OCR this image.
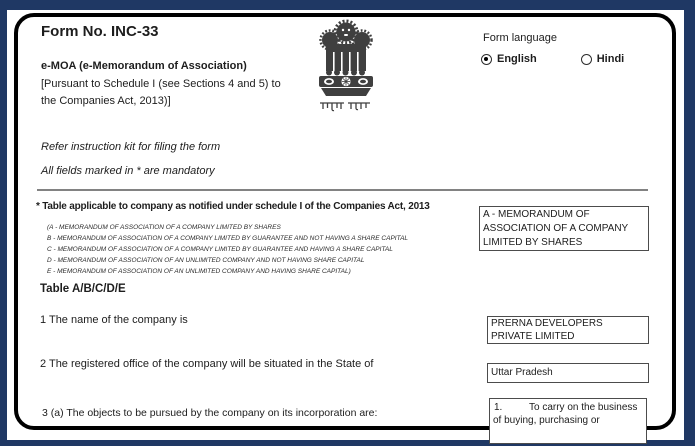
Form No. INC-33	Form language
English	Hindi
e-MOA (e-Memorandum of Association)
[Pursuant to Schedule I (see Sections 4 and 5) to
the Companies Act, 2013)]
Refer instruction kit for filing the form
All fields marked in * are mandatory
* Table applicable to company as notified under schedule I of the Companies Act, 2013
(A - MEMORANDUM OF ASSOCIATION OF A COMPANY LIMITED BY SHARES
B - MEMORANDUM OF ASSOCIATION OF A COMPANY LIMITED BY GUARANTEE AND NOT HAVING A SHARE CAPITAL
C - MEMORANDUM OF ASSOCIATION OF A COMPANY LIMITED BY GUARANTEE AND HAVING A SHARE CAPITAL
D - MEMORANDUM OF ASSOCIATION OF AN UNLIMITED COMPANY AND NOT HAVING SHARE CAPITAL
E - MEMORANDUM OF ASSOCIATION OF AN UNLIMITED COMPANY AND HAVING SHARE CAPITAL)
A - MEMORANDUM OF ASSOCIATION OF A COMPANY LIMITED BY SHARES
Table A/B/C/D/E
1 The name of the company is	PRERNA DEVELOPERS PRIVATE LIMITED
2 The registered office of the company will be situated in the State of
Uttar Pradesh
3 (a) The objects to be pursued by the company on its incorporation are:	1.	To carry on the business of buying, purchasing or
